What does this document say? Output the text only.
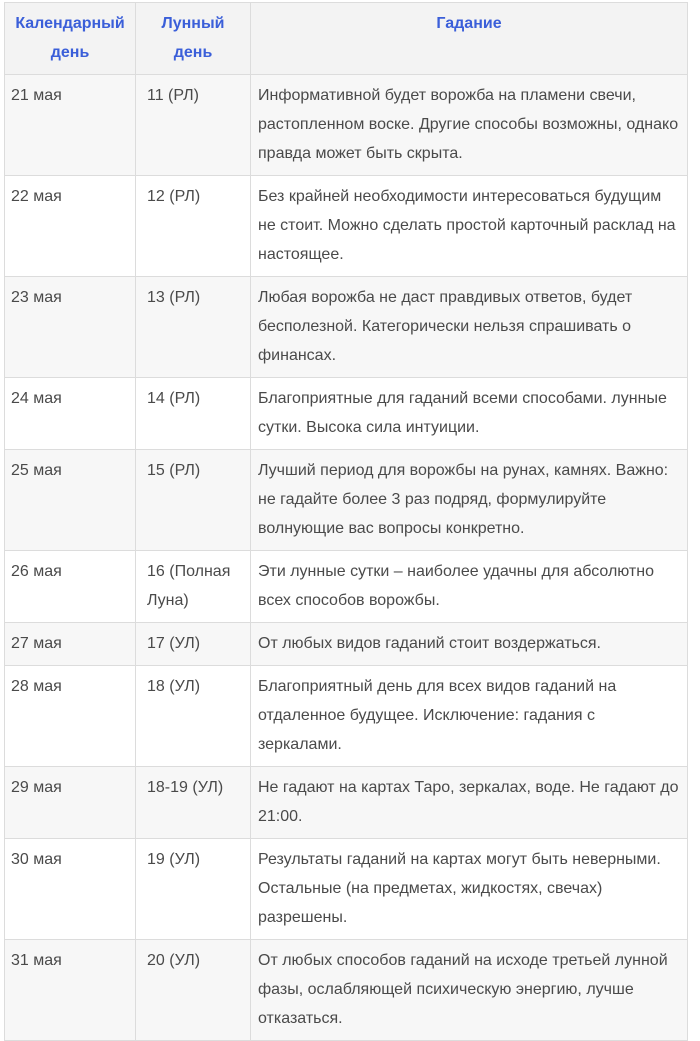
Календарный день	Лунный день	Гадание
21 мая	11 (РЛ)	Информативной будет ворожба на пламени свечи, растопленном воске. Другие способы возможны, однако правда может быть скрыта.
22 мая	12 (РЛ)	Без крайней необходимости интересоваться будущим не стоит. Можно сделать простой карточный расклад на настоящее.
23 мая	13 (РЛ)	Любая ворожба не даст правдивых ответов, будет бесполезной. Категорически нельзя спрашивать о финансах.
24 мая	14 (РЛ)	Благоприятные для гаданий всеми способами. лунные сутки. Высока сила интуиции.
25 мая	15 (РЛ)	Лучший период для ворожбы на рунах, камнях. Важно: не гадайте более 3 раз подряд, формулируйте волнующие вас вопросы конкретно.
26 мая	16 (Полная Луна)	Эти лунные сутки – наиболее удачны для абсолютно всех способов ворожбы.
27 мая	17 (УЛ)	От любых видов гаданий стоит воздержаться.
28 мая	18 (УЛ)	Благоприятный день для всех видов гаданий на отдаленное будущее. Исключение: гадания с зеркалами.
29 мая	18-19 (УЛ)	Не гадают на картах Таро, зеркалах, воде. Не гадают до 21:00.
30 мая	19 (УЛ)	Результаты гаданий на картах могут быть неверными. Остальные (на предметах, жидкостях, свечах) разрешены.
31 мая	20 (УЛ)	От любых способов гаданий на исходе третьей лунной фазы, ослабляющей психическую энергию, лучше отказаться.
